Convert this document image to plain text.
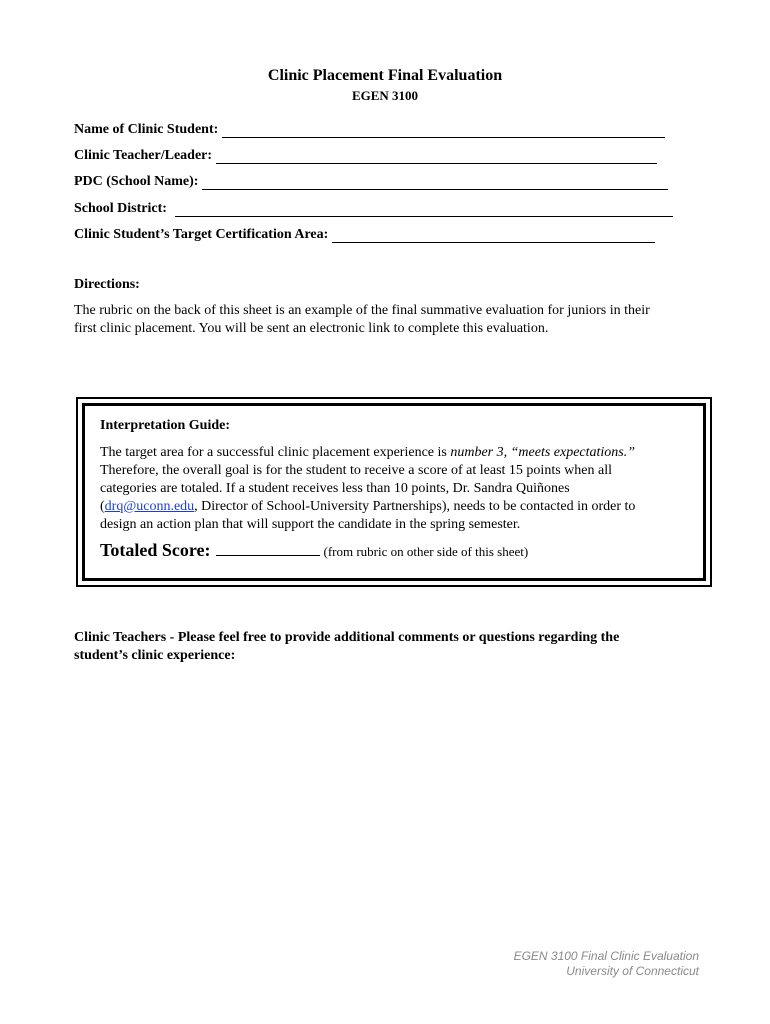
Clinic Placement Final Evaluation
EGEN 3100
Name of Clinic Student:
Clinic Teacher/Leader:
PDC (School Name):
School District:
Clinic Student’s Target Certification Area:
Directions:
The rubric on the back of this sheet is an example of the final summative evaluation for juniors in their
first clinic placement. You will be sent an electronic link to complete this evaluation.
Interpretation Guide:
The target area for a successful clinic placement experience is number 3, “meets expectations.”
Therefore, the overall goal is for the student to receive a score of at least 15 points when all
categories are totaled. If a student receives less than 10 points, Dr. Sandra Quiñones
(drq@uconn.edu, Director of School-University Partnerships), needs to be contacted in order to
design an action plan that will support the candidate in the spring semester.
Totaled Score:	(from rubric on other side of this sheet)
Clinic Teachers - Please feel free to provide additional comments or questions regarding the
student’s clinic experience:
EGEN 3100 Final Clinic Evaluation
University of Connecticut
